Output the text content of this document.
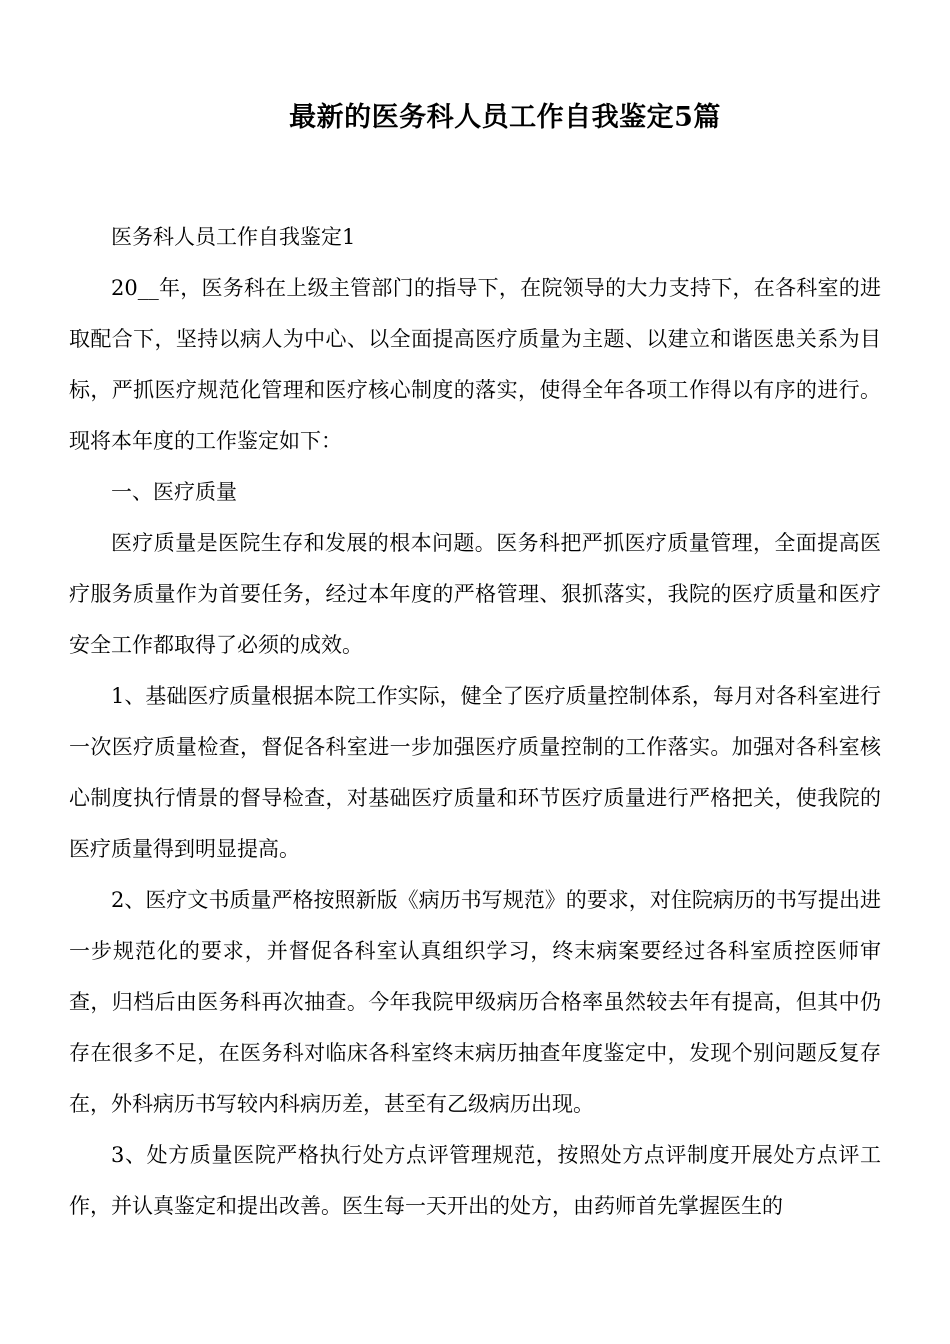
最新的医务科人员工作自我鉴定5篇

医务科人员工作自我鉴定1

20__年，医务科在上级主管部门的指导下，在院领导的大力支持下，在各科室的进取配合下，坚持以病人为中心、以全面提高医疗质量为主题、以建立和谐医患关系为目标，严抓医疗规范化管理和医疗核心制度的落实，使得全年各项工作得以有序的进行。现将本年度的工作鉴定如下：

一、医疗质量

医疗质量是医院生存和发展的根本问题。医务科把严抓医疗质量管理，全面提高医疗服务质量作为首要任务，经过本年度的严格管理、狠抓落实，我院的医疗质量和医疗安全工作都取得了必须的成效。

1、基础医疗质量根据本院工作实际，健全了医疗质量控制体系，每月对各科室进行一次医疗质量检查，督促各科室进一步加强医疗质量控制的工作落实。加强对各科室核心制度执行情景的督导检查，对基础医疗质量和环节医疗质量进行严格把关，使我院的医疗质量得到明显提高。

2、医疗文书质量严格按照新版《病历书写规范》的要求，对住院病历的书写提出进一步规范化的要求，并督促各科室认真组织学习，终末病案要经过各科室质控医师审查，归档后由医务科再次抽查。今年我院甲级病历合格率虽然较去年有提高，但其中仍存在很多不足，在医务科对临床各科室终末病历抽查年度鉴定中，发现个别问题反复存在，外科病历书写较内科病历差，甚至有乙级病历出现。

3、处方质量医院严格执行处方点评管理规范，按照处方点评制度开展处方点评工作，并认真鉴定和提出改善。医生每一天开出的处方，由药师首先掌握医生的
